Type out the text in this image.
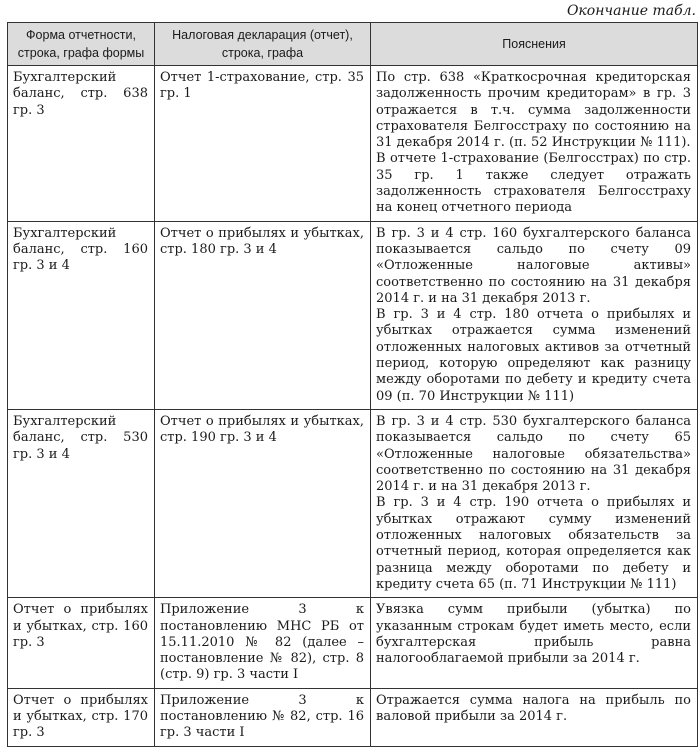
Окончание табл.
Форма отчетности, строка, графа формы	Налоговая декларация (отчет), строка, графа	Пояснения
Бухгалтерский баланс, стр. 638 гр. 3	Отчет 1-страхование, стр. 35 гр. 1	По стр. 638 «Краткосрочная кредиторская задолженность прочим кредиторам» в гр. 3 отражается в т.ч. сумма задолженности страхователя Белгосстраху по состоянию на 31 декабря 2014 г. (п. 52 Инструкции № 111).

В отчете 1-страхование (Белгосстрах) по стр. 35 гр. 1 также следует отражать задолженность страхователя Белгосстраху на конец отчетного периода

Бухгалтерский баланс, стр. 160 гр. 3 и 4	Отчет о прибылях и убытках, стр. 180 гр. 3 и 4	В гр. 3 и 4 стр. 160 бухгалтерского баланса показывается сальдо по счету 09 «Отложенные налоговые активы» соответственно по состоянию на 31 декабря 2014 г. и на 31 декабря 2013 г.

В гр. 3 и 4 стр. 180 отчета о прибылях и убытках отражается сумма изменений отложенных налоговых активов за отчетный период, которую определяют как разницу между оборотами по дебету и кредиту счета 09 (п. 70 Инструкции № 111)

Бухгалтерский баланс, стр. 530 гр. 3 и 4	Отчет о прибылях и убытках, стр. 190 гр. 3 и 4	В гр. 3 и 4 стр. 530 бухгалтерского баланса показывается сальдо по счету 65 «Отложенные налоговые обязательства» соответственно по состоянию на 31 декабря 2014 г. и на 31 декабря 2013 г.

В гр. 3 и 4 стр. 190 отчета о прибылях и убытках отражают сумму изменений отложенных налоговых обязательств за отчетный период, которая определяется как разница между оборотами по дебету и кредиту счета 65 (п. 71 Инструкции № 111)

Отчет о прибылях и убытках, стр. 160 гр. 3	Приложение 3 к постановлению МНС РБ от 15.11.2010 № 82 (далее – постановление № 82), стр. 8 (стр. 9) гр. 3 части I	Увязка сумм прибыли (убытка) по указанным строкам будет иметь место, если бухгалтерская прибыль равна налогооблагаемой прибыли за 2014 г.

Отчет о прибылях и убытках, стр. 170 гр. 3	Приложение 3 к постановлению № 82, стр. 16 гр. 3 части I	Отражается сумма налога на прибыль по валовой прибыли за 2014 г.
